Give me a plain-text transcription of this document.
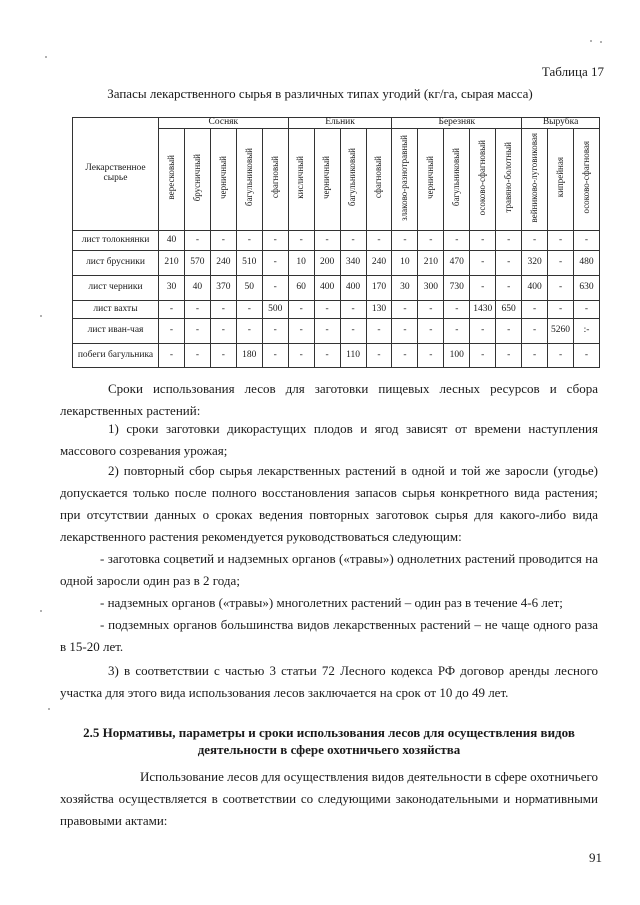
Таблица 17
Запасы лекарственного сырья в различных типах угодий (кг/га, сырая масса)
Лекарственное сырье	Сосняк					Ельник				Березняк					Вырубка		
	вересковый	брусничный	черничный	багульниковый	сфагновый	кисличный	черничный	багульниковый	сфагновый	злаково-разнотравный	черничный	багульниковый	осоково-сфагновый	травяно-болотный	вейниково-луговиковая	кипрейная	осоково-сфагновая
лист толокнянки	40	-	-	-	-	-	-	-	-	-	-	-	-	-	-	-	-
лист брусники	210	570	240	510	-	10	200	340	240	10	210	470	-	-	320	-	480
лист черники	30	40	370	50	-	60	400	400	170	30	300	730	-	-	400	-	630
лист вахты	-	-	-	-	500	-	-	-	130	-	-	-	1430	650	-	-	-
лист иван-чая	-	-	-	-	-	-	-	-	-	-	-	-	-	-	-	5260	:-
побеги багульника	-	-	-	180	-	-	-	110	-	-	-	100	-	-	-	-	-
Сроки использования лесов для заготовки пищевых лесных ресурсов и сбора лекарственных растений:
1) сроки заготовки дикорастущих плодов и ягод зависят от времени наступления массового созревания урожая;
2) повторный сбор сырья лекарственных растений в одной и той же заросли (угодье) допускается только после полного восстановления запасов сырья конкретного вида растения; при отсутствии данных о сроках ведения повторных заготовок сырья для какого-либо вида лекарственного растения рекомендуется руководствоваться следующим:
- заготовка соцветий и надземных органов («травы») однолетних растений проводится на одной заросли один раз в 2 года;
- надземных органов («травы») многолетних растений – один раз в течение 4-6 лет;
- подземных органов большинства видов лекарственных растений – не чаще одного раза в 15-20 лет.
3) в соответствии с частью 3 статьи 72 Лесного кодекса РФ договор аренды лесного участка для этого вида использования лесов заключается на срок от 10 до 49 лет.
2.5 Нормативы, параметры и сроки использования лесов для осуществления видов деятельности в сфере охотничьего хозяйства
Использование лесов для осуществления видов деятельности в сфере охотничьего хозяйства осуществляется в соответствии со следующими законодательными и нормативными правовыми актами:
91
